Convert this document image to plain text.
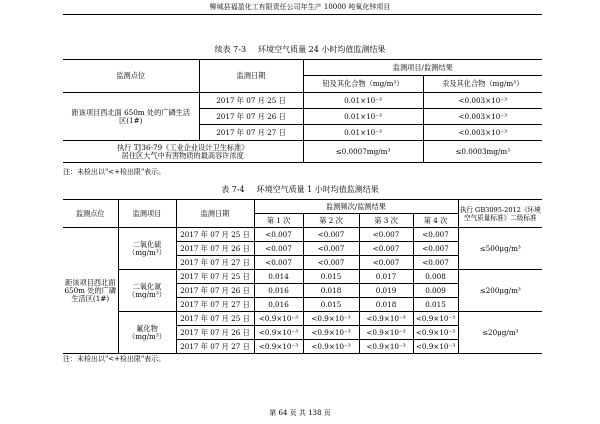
柳城县福盈化工有限责任公司年生产 10000 吨氧化锌项目
续表 7-3 环境空气质量 24 小时均值监测结果
监测点位	监测日期	监测项目/监测结果	
		铅及其化合物（mg/m³）	汞及其化合物（mg/m³）
距该项目西北面 650m 处的广磷生活区(1#)	2017 年 07 月 25 日	0.01×10⁻³	<0.003×10⁻³
	2017 年 07 月 26 日	0.01×10⁻³	<0.003×10⁻³
	2017 年 07 月 27 日	0.01×10⁻³	<0.003×10⁻³

执行 TJ36-79《工业企业设计卫生标准》
居住区大气中有害物质的最高容许浓度		≤0.0007mg/m³	≤0.0003mg/m³
注：未检出以"<+检出限"表示。
表 7-4 环境空气质量 1 小时均值监测结果
监测点位	监测项目	监测日期	监测频次/监测结果				执行 GB3095-2012《环境空气质量标准》二级标准
			第 1 次	第 2 次	第 3 次	第 4 次	
距该项目西北面 650m 处的广磷生活区(1#)	二氧化硫（mg/m³）	2017 年 07 月 25 日	<0.007	<0.007	<0.007	<0.007	≤500μg/m³
		2017 年 07 月 26 日	<0.007	<0.007	<0.007	<0.007	
		2017 年 07 月 27 日	<0.007	<0.007	<0.007	<0.007	
	二氧化氮（mg/m³）	2017 年 07 月 25 日	0.014	0.015	0.017	0.008	≤200μg/m³
		2017 年 07 月 26 日	0.016	0.018	0.019	0.009	
		2017 年 07 月 27 日	0.016	0.015	0.018	0.015	
	氟化物（mg/m³）	2017 年 07 月 25 日	<0.9×10⁻³	<0.9×10⁻³	<0.9×10⁻³	<0.9×10⁻³	≤20μg/m³
		2017 年 07 月 26 日	<0.9×10⁻³	<0.9×10⁻³	<0.9×10⁻³	<0.9×10⁻³	
		2017 年 07 月 27 日	<0.9×10⁻³	<0.9×10⁻³	<0.9×10⁻³	<0.9×10⁻³	
注：未检出以"<+检出限"表示。
第 64 页 共 138 页
